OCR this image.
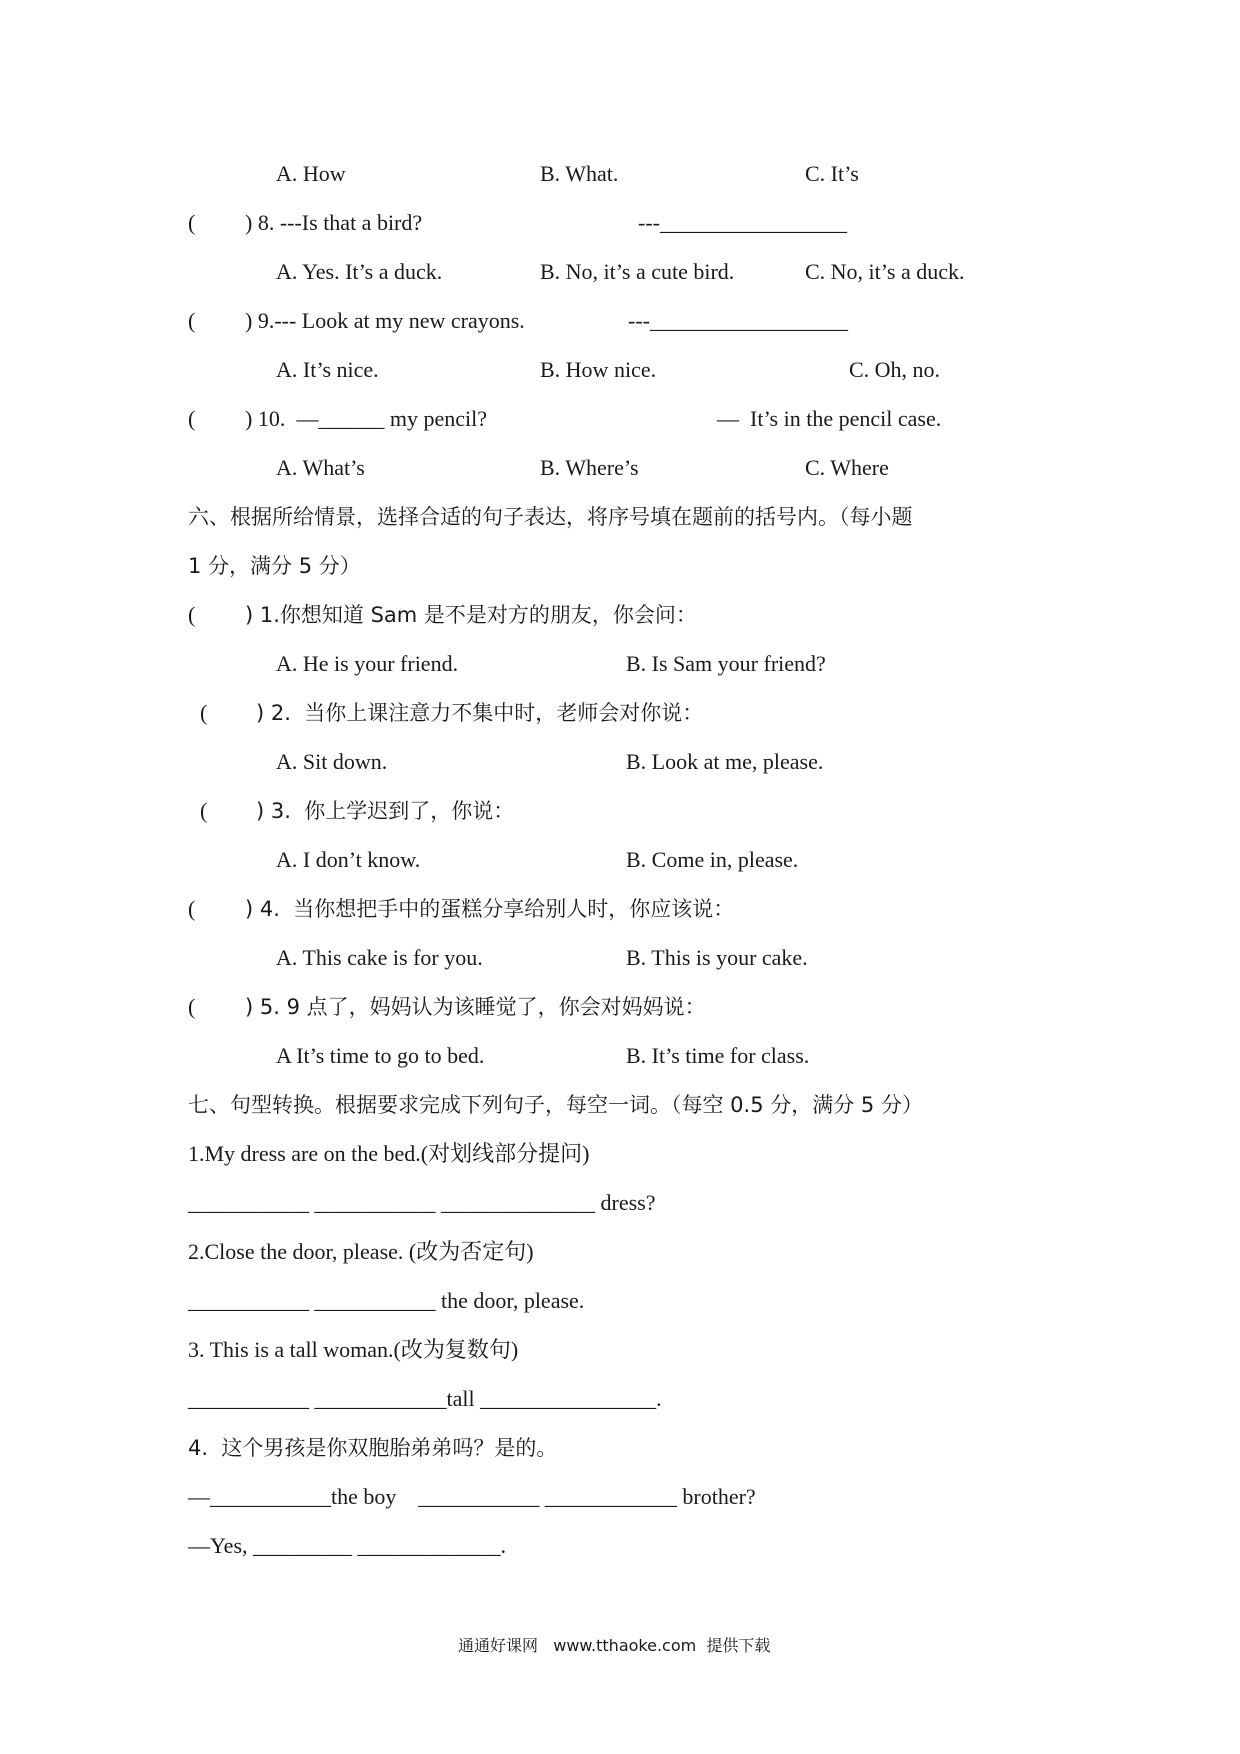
A. How	B. What.	C. It’s
( ) 8. ---Is that a bird?	---_________________
A. Yes. It’s a duck.	B. No, it’s a cute bird.	C. No, it’s a duck.
( ) 9.--- Look at my new crayons.	---__________________
A. It’s nice.	B. How nice.	C. Oh, no.
( ) 10.  —______ my pencil?	—  It’s in the pencil case.
A. What’s	B. Where’s	C. Where
六、根据所给情景，选择合适的句子表达，将序号填在题前的括号内。（每小题
1 分，满分 5 分）
( ) 1.你想知道 Sam 是不是对方的朋友，你会问：
A. He is your friend.	B. Is Sam your friend?
( ) 2.  当你上课注意力不集中时，老师会对你说：
A. Sit down.	B. Look at me, please.
( ) 3.  你上学迟到了，你说：
A. I don’t know.	B. Come in, please.
( ) 4.  当你想把手中的蛋糕分享给别人时，你应该说：
A. This cake is for you.	B. This is your cake.
( ) 5. 9 点了，妈妈认为该睡觉了，你会对妈妈说：
A It’s time to go to bed.	B. It’s time for class.
七、句型转换。根据要求完成下列句子，每空一词。（每空 0.5 分，满分 5 分）
1.My dress are on the bed.(对划线部分提问)
___________ ___________ ______________ dress?
2.Close the door, please. (改为否定句)
___________ ___________ the door, please.
3. This is a tall woman.(改为复数句)
___________ ____________tall ________________.
4.  这个男孩是你双胞胎弟弟吗？是的。
—___________the boy    ___________ ____________ brother?
—Yes, _________ _____________.
通通好课网   www.tthaoke.com  提供下载
